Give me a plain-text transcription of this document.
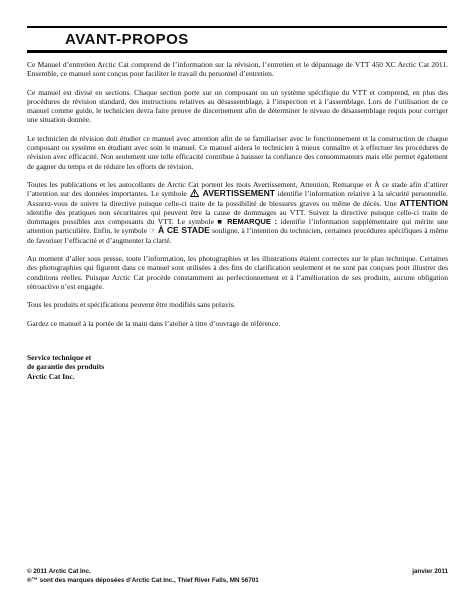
AVANT-PROPOS

Ce Manuel d’entretien Arctic Cat comprend de l’information sur la révision, l’entretien et le dépannage de VTT 450 XC Arctic Cat 2011. Ensemble, ce manuel sont conçus pour faciliter le travail du personnel d’entretien.

Ce manuel est divisé en sections. Chaque section porte sur un composant ou un système spécifique du VTT et comprend, en plus des procédures de révision standard, des instructions relatives au désassemblage, à l’inspection et à l’assemblage. Lors de l’utilisation de ce manuel comme guide, le technicien devra faire preuve de discernement afin de déterminer le niveau de désassemblage requis pour corriger une situation donnée.

Le technicien de révision doit étudier ce manuel avec attention afin de se familiariser avec le fonctionnement et la construction de chaque composant ou système en étudiant avec soin le manuel. Ce manuel aidera le technicien à mieux connaître et à effectuer les procédures de révision avec efficacité. Non seulement une telle efficacité contribue à hausser la confiance des consommateurs mais elle permet également de gagner du temps et de réduire les efforts de révision.

Toutes les publications et les autocollants de Arctic Cat portent les mots Avertissement, Attention, Remarque et À ce stade afin d’attirer l’attention sur des données importantes. Le symbole AVERTISSEMENT identifie l’information relative à la sécurité personnelle. Assurez-vous de suivre la directive puisque celle-ci traite de la possibilité de blessures graves ou même de décès. Une ATTENTION identifie des pratiques non sécuritaires qui peuvent être la cause de dommages au VTT. Suivez la directive puisque celle-ci traite de dommages possibles aux composants du VTT. Le symbole ■ REMARQUE : identifie l’information supplémentaire qui mérite une attention particulière. Enfin, le symbole ☞ À CE STADE souligne, à l’intention du technicien, certaines procédures spécifiques à même de favoriser l’efficacité et d’augmenter la clarté.

Au moment d’aller sous presse, toute l’information, les photographies et les illustrations étaient correctes sur le plan technique. Certaines des photographies qui figurent dans ce manuel sont utilisées à des fins de clarification seulement et ne sont pas conçues pour illustrer des conditions réelles. Puisque Arctic Cat procède constamment au perfectionnement et à l’amélioration de ses produits, aucune obligation rétroactive n’est engagée.

Tous les produits et spécifications peuvent être modifiés sans préavis.

Gardez ce manuel à la portée de la main dans l’atelier à titre d’ouvrage de référence.

Service technique et
de garantie des produits
Arctic Cat Inc.
© 2011 Arctic Cat Inc.	janvier 2011
®™ sont des marques déposées d’Arctic Cat Inc., Thief River Falls, MN 56701
